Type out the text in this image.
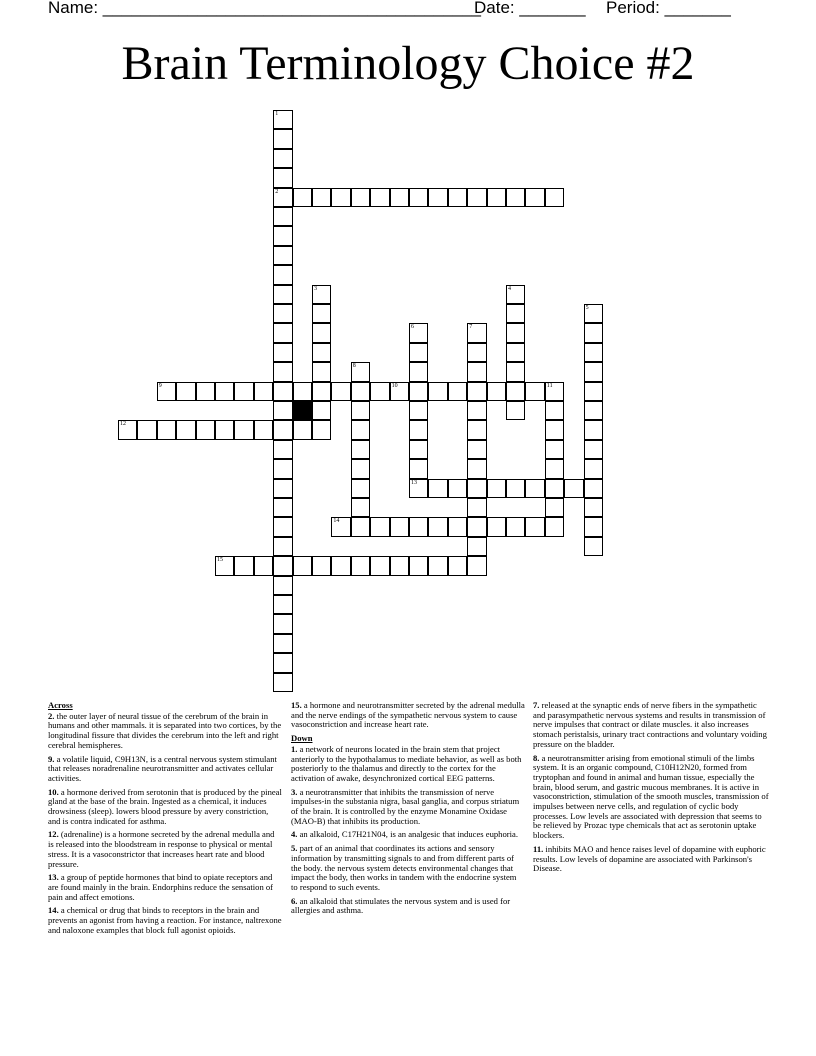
Name: ________________________________________
Date: _______ Period: _______
Brain Terminology Choice #2
1
2
3	4
5
6
13
7
8
9	10	11
12
14
15
Across
2. the outer layer of neural tissue of the cerebrum of the brain in humans and other mammals. it is separated into two cortices, by the longitudinal fissure that divides the cerebrum into the left and right cerebral hemispheres.
9. a volatile liquid, C9H13N, is a central nervous system stimulant that releases noradrenaline neurotransmitter and activates cellular activities.
10. a hormone derived from serotonin that is produced by the pineal gland at the base of the brain. Ingested as a chemical, it induces drowsiness (sleep). lowers blood pressure by avery constriction, and is contra indicated for asthma.
12. (adrenaline) is a hormone secreted by the adrenal medulla and is released into the bloodstream in response to physical or mental stress. It is a vasoconstrictor that increases heart rate and blood pressure.
13. a group of peptide hormones that bind to opiate receptors and are found mainly in the brain. Endorphins reduce the sensation of pain and affect emotions.
14. a chemical or drug that binds to receptors in the brain and prevents an agonist from having a reaction. For instance, naltrexone and naloxone examples that block full agonist opioids.
15. a hormone and neurotransmitter secreted by the adrenal medulla and the nerve endings of the sympathetic nervous system to cause vasoconstriction and increase heart rate.
Down
1. a network of neurons located in the brain stem that project anteriorly to the hypothalamus to mediate behavior, as well as both posteriorly to the thalamus and directly to the cortex for the activation of awake, desynchronized cortical EEG patterns.
3. a neurotransmitter that inhibits the transmission of nerve impulses-in the substania nigra, basal ganglia, and corpus striatum of the brain. It is controlled by the enzyme Monamine Oxidase (MAO-B) that inhibits its production.
4. an alkaloid, C17H21N04, is an analgesic that induces euphoria.
5. part of an animal that coordinates its actions and sensory information by transmitting signals to and from different parts of the body. the nervous system detects environmental changes that impact the body, then works in tandem with the endocrine system to respond to such events.
6. an alkaloid that stimulates the nervous system and is used for allergies and asthma.
7. released at the synaptic ends of nerve fibers in the sympathetic and parasympathetic nervous systems and results in transmission of nerve impulses that contract or dilate muscles. it also increases stomach peristalsis, urinary tract contractions and voluntary voiding pressure on the bladder.
8. a neurotransmitter arising from emotional stimuli of the limbs system. It is an organic compound, C10H12N20, formed from tryptophan and found in animal and human tissue, especially the brain, blood serum, and gastric mucous membranes. It is active in vasoconstriction, stimulation of the smooth muscles, transmission of impulses between nerve cells, and regulation of cyclic body processes. Low levels are associated with depression that seems to be relieved by Prozac type chemicals that act as serotonin uptake blockers.
11. inhibits MAO and hence raises level of dopamine with euphoric results. Low levels of dopamine are associated with Parkinson's Disease.
